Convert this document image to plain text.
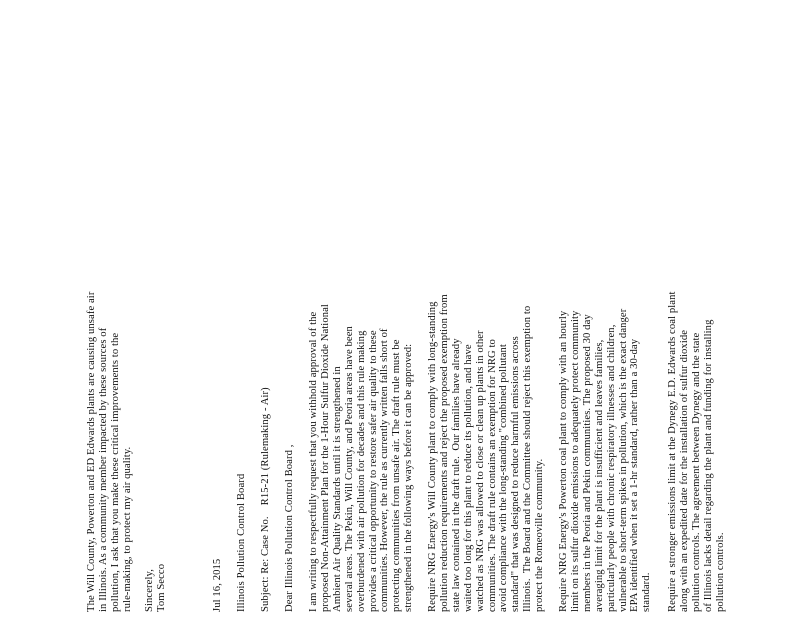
Jul 16, 2015 Illinois Pollution Control Board Subject: Re: Case No.    R15-21 (Rulemaking - Air) Dear Illinois Pollution Control Board , I am writing to respectfully request that you withhold approval of the proposed Non-Attainment Plan for the 1-Hour Sulfur Dioxide National Ambient Air Quality Standards until it is strengthened in several areas. The Pekin, Will County, and Peoria areas have been overburdened with air pollution for decades and this rule making provides a critical opportunity to restore safer air quality to these communities. However, the rule as currently written falls short of protecting communities from unsafe air. The draft rule must be strengthened in the following ways before it can be approved: Require NRG Energy's Will County plant to comply with long-standing pollution reduction requirements and reject the proposed exemption from state law contained in the draft rule.  Our families have already waited too long for this plant to reduce its pollution, and have watched as NRG was allowed to close or clean up plants in other communities. The draft rule contains an exemption for NRG to avoid compliance with the long-standing "combined pollutant standard" that was designed to reduce harmful emissions across Illinois.  The Board and the Committee should reject this exemption to protect the Romeoville community. Require NRG Energy's Powerton coal plant to comply with an hourly limit on its sulfur dioxide emissions to adequately protect community members in the Peoria and Pekin communities. The proposed 30 day averaging limit for the plant is insufficient and leaves families, particularly people with chronic respiratory illnesses and children, vulnerable to short-term spikes in pollution, which is the exact danger EPA identified when it set a 1-hr standard, rather than a 30-day standard. Require a stronger emissions limit at the Dynegy E.D. Edwards coal plant along with an expedited date for the installation of sulfur dioxide pollution controls. The agreement between Dynegy and the state of Illinois lacks detail regarding the plant and funding for installing pollution controls.
The Will County, Powerton and ED Edwards plants are causing unsafe air in Illinois. As a community member impacted by these sources of pollution, I ask that you make these critical improvements to the rule-making, to protect my air quality. Sincerely, Tom Secco
